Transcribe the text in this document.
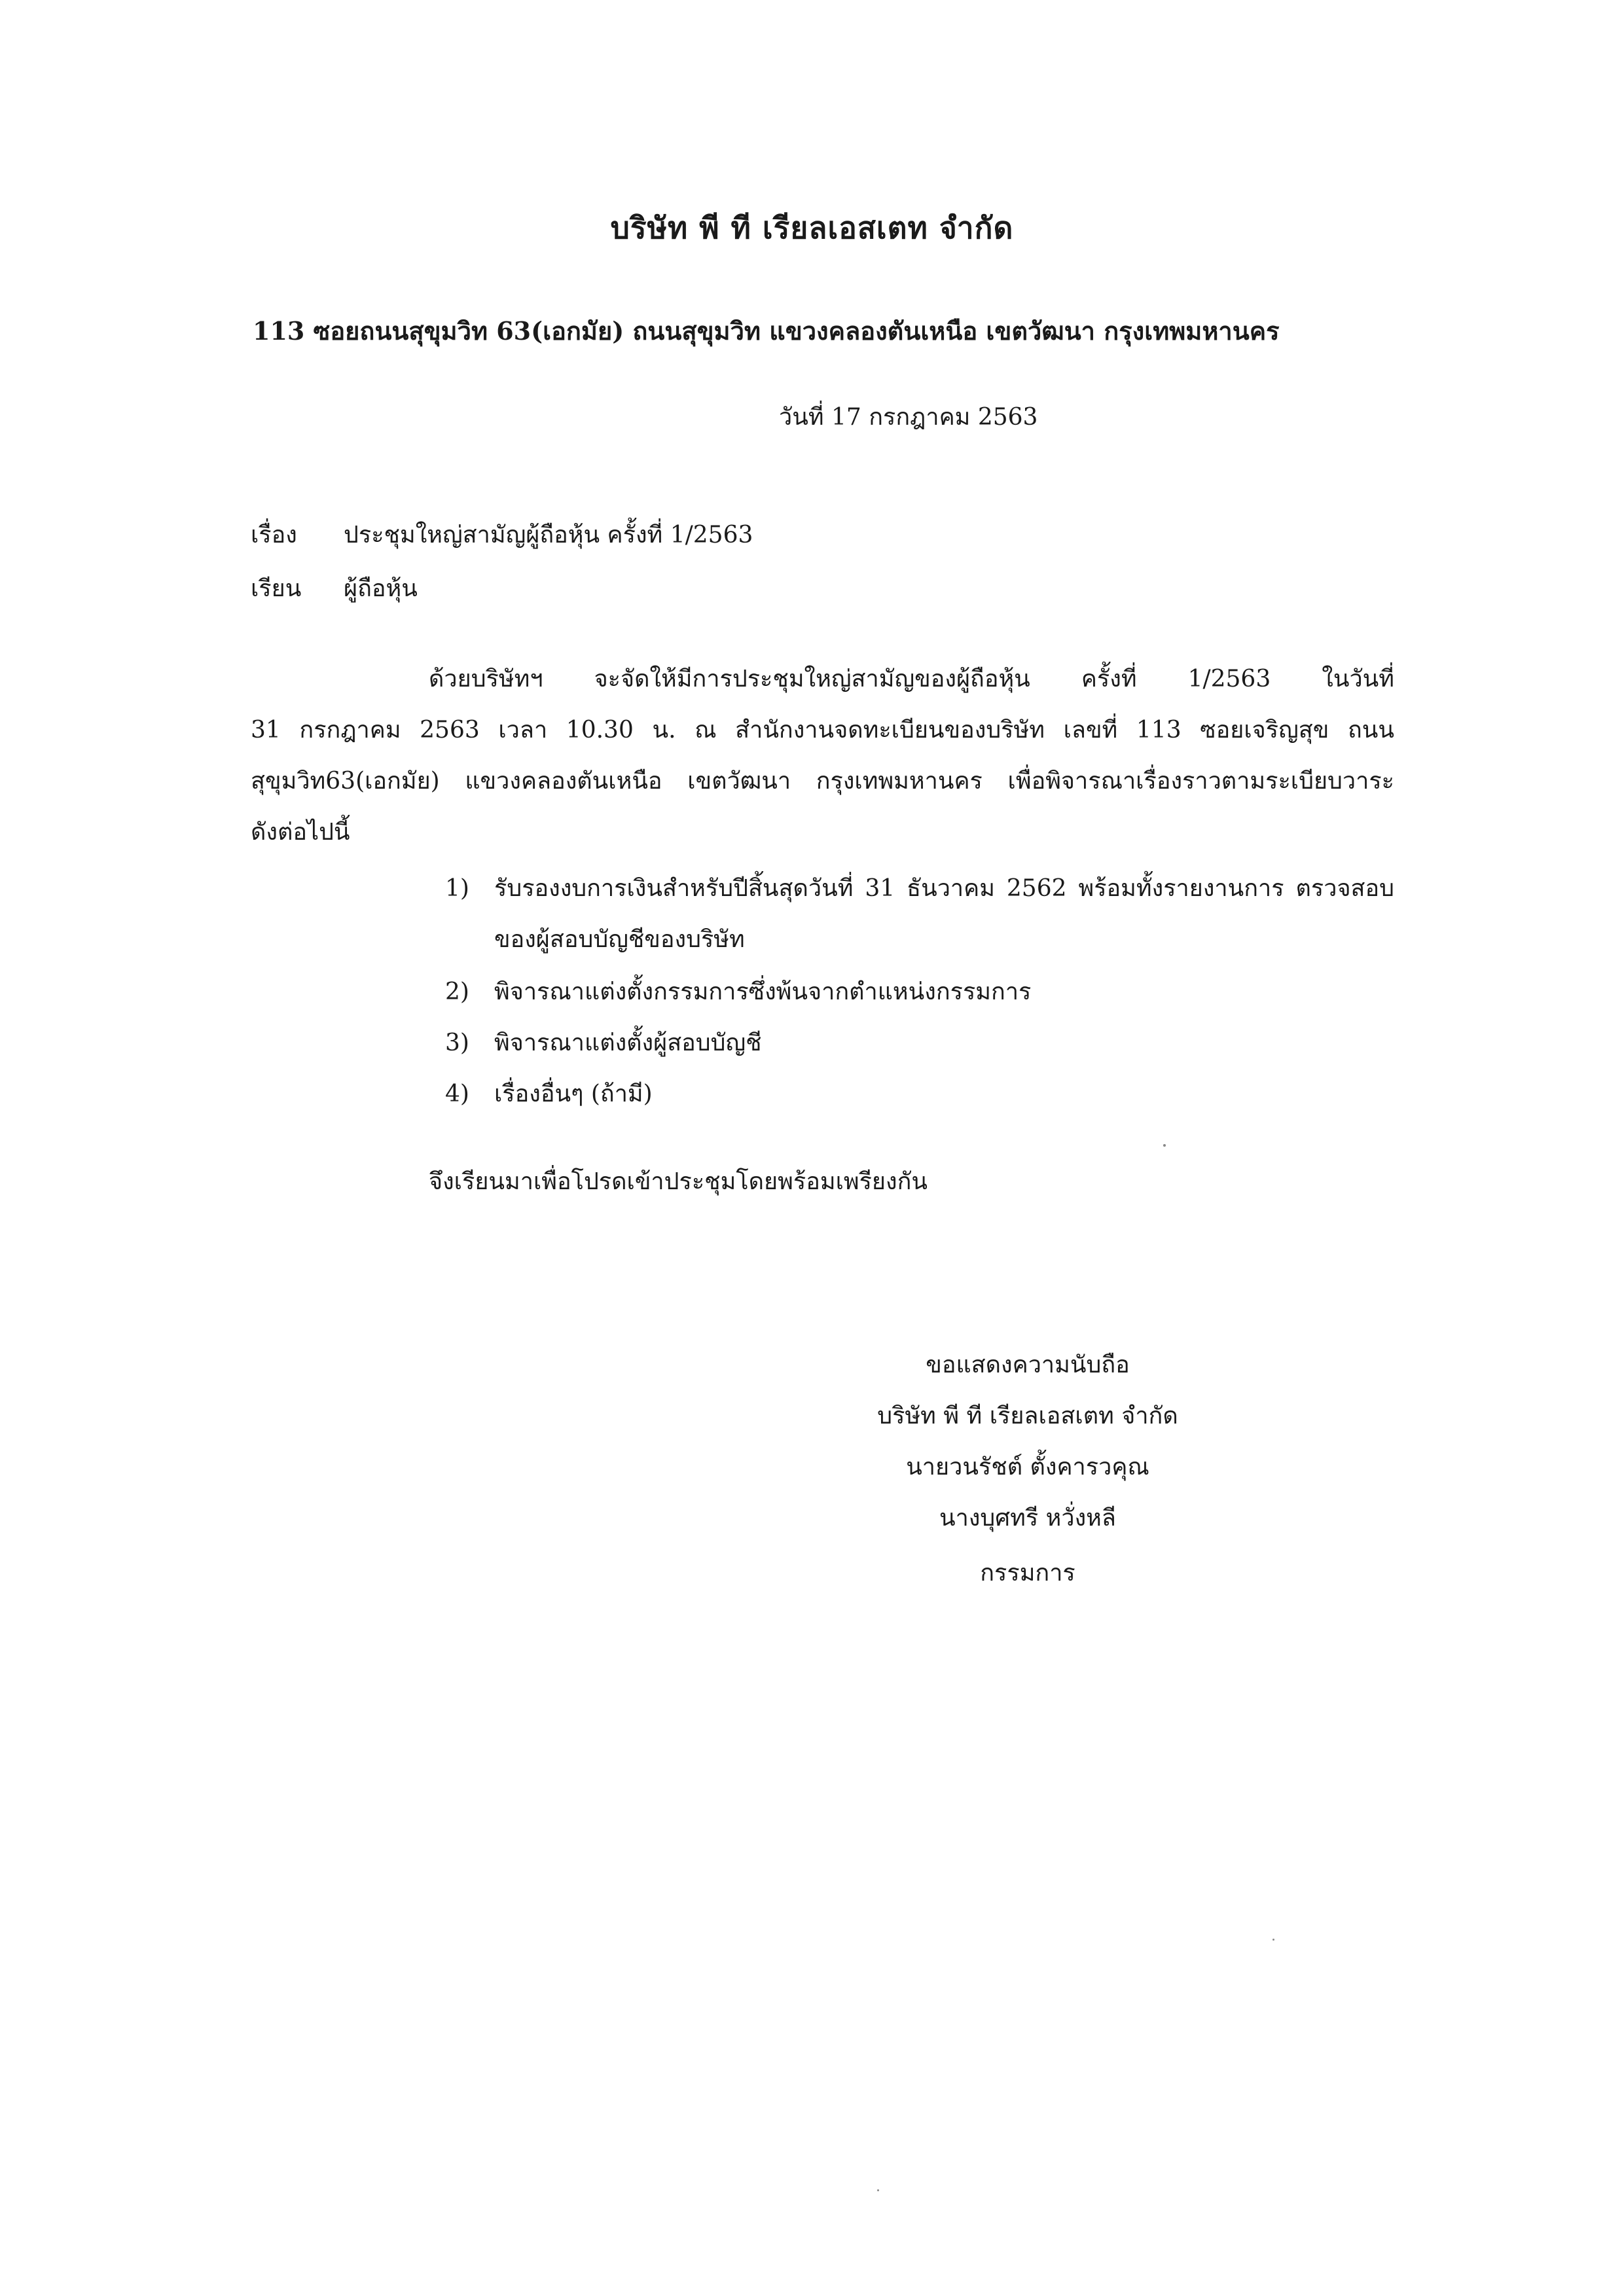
บริษัท พี ที เรียลเอสเตท จำกัด
113 ซอยถนนสุขุมวิท 63(เอกมัย) ถนนสุขุมวิท แขวงคลองตันเหนือ เขตวัฒนา กรุงเทพมหานคร
วันที่ 17 กรกฎาคม 2563
เรื่อง ประชุมใหญ่สามัญผู้ถือหุ้น ครั้งที่ 1/2563
เรียน ผู้ถือหุ้น
ด้วยบริษัทฯ จะจัดให้มีการประชุมใหญ่สามัญของผู้ถือหุ้น ครั้งที่ 1/2563 ในวันที่
31 กรกฎาคม 2563 เวลา 10.30 น. ณ สำนักงานจดทะเบียนของบริษัท เลขที่ 113 ซอยเจริญสุข ถนน
สุขุมวิท63(เอกมัย) แขวงคลองตันเหนือ เขตวัฒนา กรุงเทพมหานคร เพื่อพิจารณาเรื่องราวตามระเบียบวาระ
ดังต่อไปนี้
1) รับรองงบการเงินสำหรับปีสิ้นสุดวันที่ 31 ธันวาคม 2562 พร้อมทั้งรายงานการ ตรวจสอบ
ของผู้สอบบัญชีของบริษัท
2) พิจารณาแต่งตั้งกรรมการซึ่งพ้นจากตำแหน่งกรรมการ
3) พิจารณาแต่งตั้งผู้สอบบัญชี
4) เรื่องอื่นๆ (ถ้ามี)
จึงเรียนมาเพื่อโปรดเข้าประชุมโดยพร้อมเพรียงกัน
ขอแสดงความนับถือ
บริษัท พี ที เรียลเอสเตท จำกัด
นายวนรัชต์ ตั้งคารวคุณ
นางบุศทรี หวั่งหลี
กรรมการ
